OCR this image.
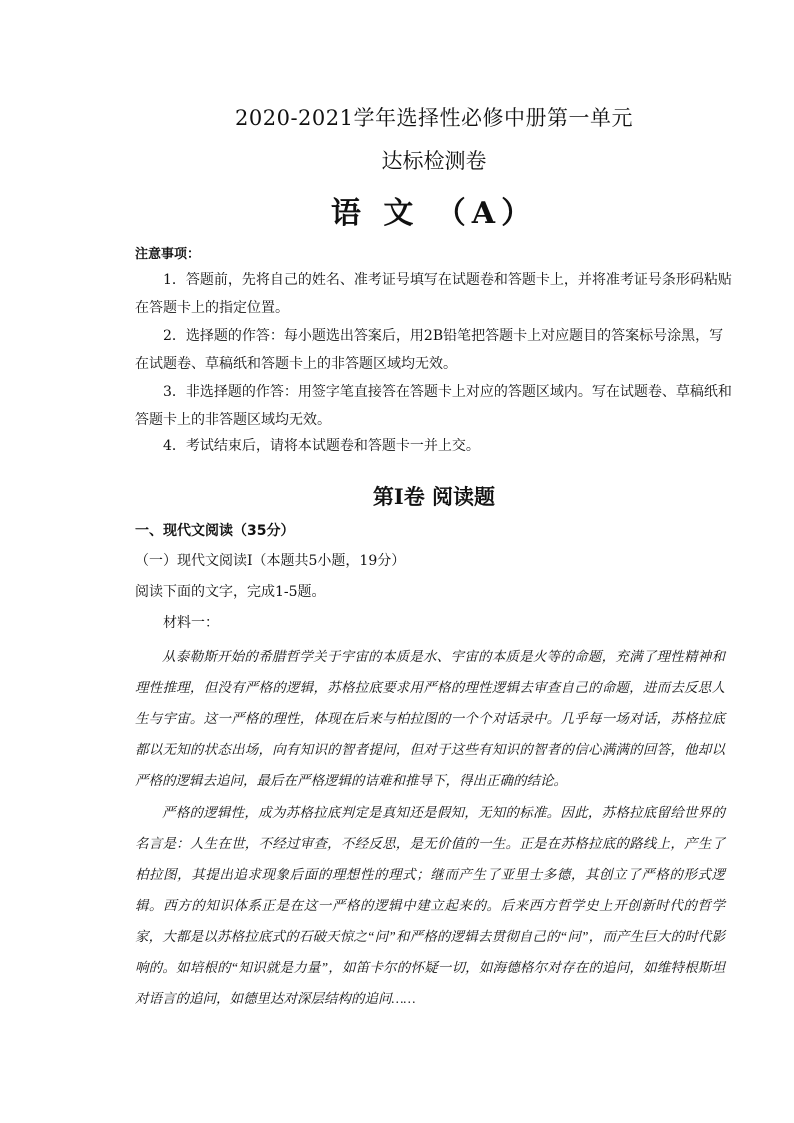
2020-2021学年选择性必修中册第一单元
达标检测卷
语 文 （A）
注意事项：

1．答题前，先将自己的姓名、准考证号填写在试题卷和答题卡上，并将准考证号条形码粘贴在答题卡上的指定位置。

2．选择题的作答：每小题选出答案后，用2B铅笔把答题卡上对应题目的答案标号涂黑，写在试题卷、草稿纸和答题卡上的非答题区域均无效。

3．非选择题的作答：用签字笔直接答在答题卡上对应的答题区域内。写在试题卷、草稿纸和答题卡上的非答题区域均无效。

4．考试结束后，请将本试题卷和答题卡一并上交。

第Ⅰ卷 阅读题
一、现代文阅读（35分）
（一）现代文阅读Ⅰ（本题共5小题，19分）
阅读下面的文字，完成1-5题。
材料一：

从泰勒斯开始的希腊哲学关于宇宙的本质是水、宇宙的本质是火等的命题，充满了理性精神和理性推理，但没有严格的逻辑，苏格拉底要求用严格的理性逻辑去审查自己的命题，进而去反思人生与宇宙。这一严格的理性，体现在后来与柏拉图的一个个对话录中。几乎每一场对话，苏格拉底都以无知的状态出场，向有知识的智者提问，但对于这些有知识的智者的信心满满的回答，他却以严格的逻辑去追问，最后在严格逻辑的诘难和推导下，得出正确的结论。

严格的逻辑性，成为苏格拉底判定是真知还是假知，无知的标准。因此，苏格拉底留给世界的名言是：人生在世，不经过审查，不经反思，是无价值的一生。正是在苏格拉底的路线上，产生了柏拉图，其提出追求现象后面的理想性的理式；继而产生了亚里士多德，其创立了严格的形式逻辑。西方的知识体系正是在这一严格的逻辑中建立起来的。后来西方哲学史上开创新时代的哲学家，大都是以苏格拉底式的石破天惊之“问”和严格的逻辑去贯彻自己的“问”，而产生巨大的时代影响的。如培根的“知识就是力量”，如笛卡尔的怀疑一切，如海德格尔对存在的追问，如维特根斯坦对语言的追问，如德里达对深层结构的追问……
